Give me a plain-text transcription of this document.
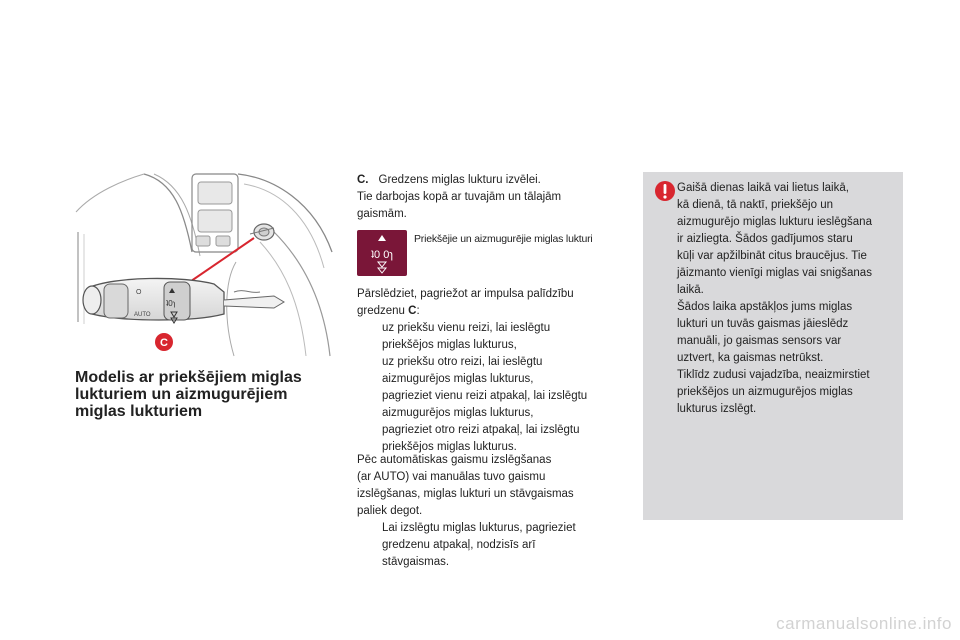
O
AUTO
ʇ0ɿ
C
Modelis ar priekšējiem miglas
lukturiem un aizmugurējiem
miglas lukturiem
C. Gredzens miglas lukturu izvēlei.
Tie darbojas kopā ar tuvajām un tālajām
gaismām.
ʇ0 0ɿ
Priekšējie un aizmugurējie miglas lukturi
Pārslēdziet, pagriežot ar impulsa palīdzību
gredzenu C:
uz priekšu vienu reizi, lai ieslēgtu
priekšējos miglas lukturus,
uz priekšu otro reizi, lai ieslēgtu
aizmugurējos miglas lukturus,
pagrieziet vienu reizi atpakaļ, lai izslēgtu
aizmugurējos miglas lukturus,
pagrieziet otro reizi atpakaļ, lai izslēgtu
priekšējos miglas lukturus.
Pēc automātiskas gaismu izslēgšanas
(ar AUTO) vai manuālas tuvo gaismu
izslēgšanas, miglas lukturi un stāvgaismas
paliek degot.
Lai izslēgtu miglas lukturus, pagrieziet
gredzenu atpakaļ, nodzisīs arī
stāvgaismas.
Gaišā dienas laikā vai lietus laikā,
kā dienā, tā naktī, priekšējo un
aizmugurējo miglas lukturu ieslēgšana
ir aizliegta. Šādos gadījumos staru
kūļi var apžilbināt citus braucējus. Tie
jāizmanto vienīgi miglas vai snigšanas
laikā.
Šādos laika apstākļos jums miglas
lukturi un tuvās gaismas jāieslēdz
manuāli, jo gaismas sensors var
uztvert, ka gaismas netrūkst.
Tiklīdz zudusi vajadzība, neaizmirstiet
priekšējos un aizmugurējos miglas
lukturus izslēgt.
carmanualsonline.info
